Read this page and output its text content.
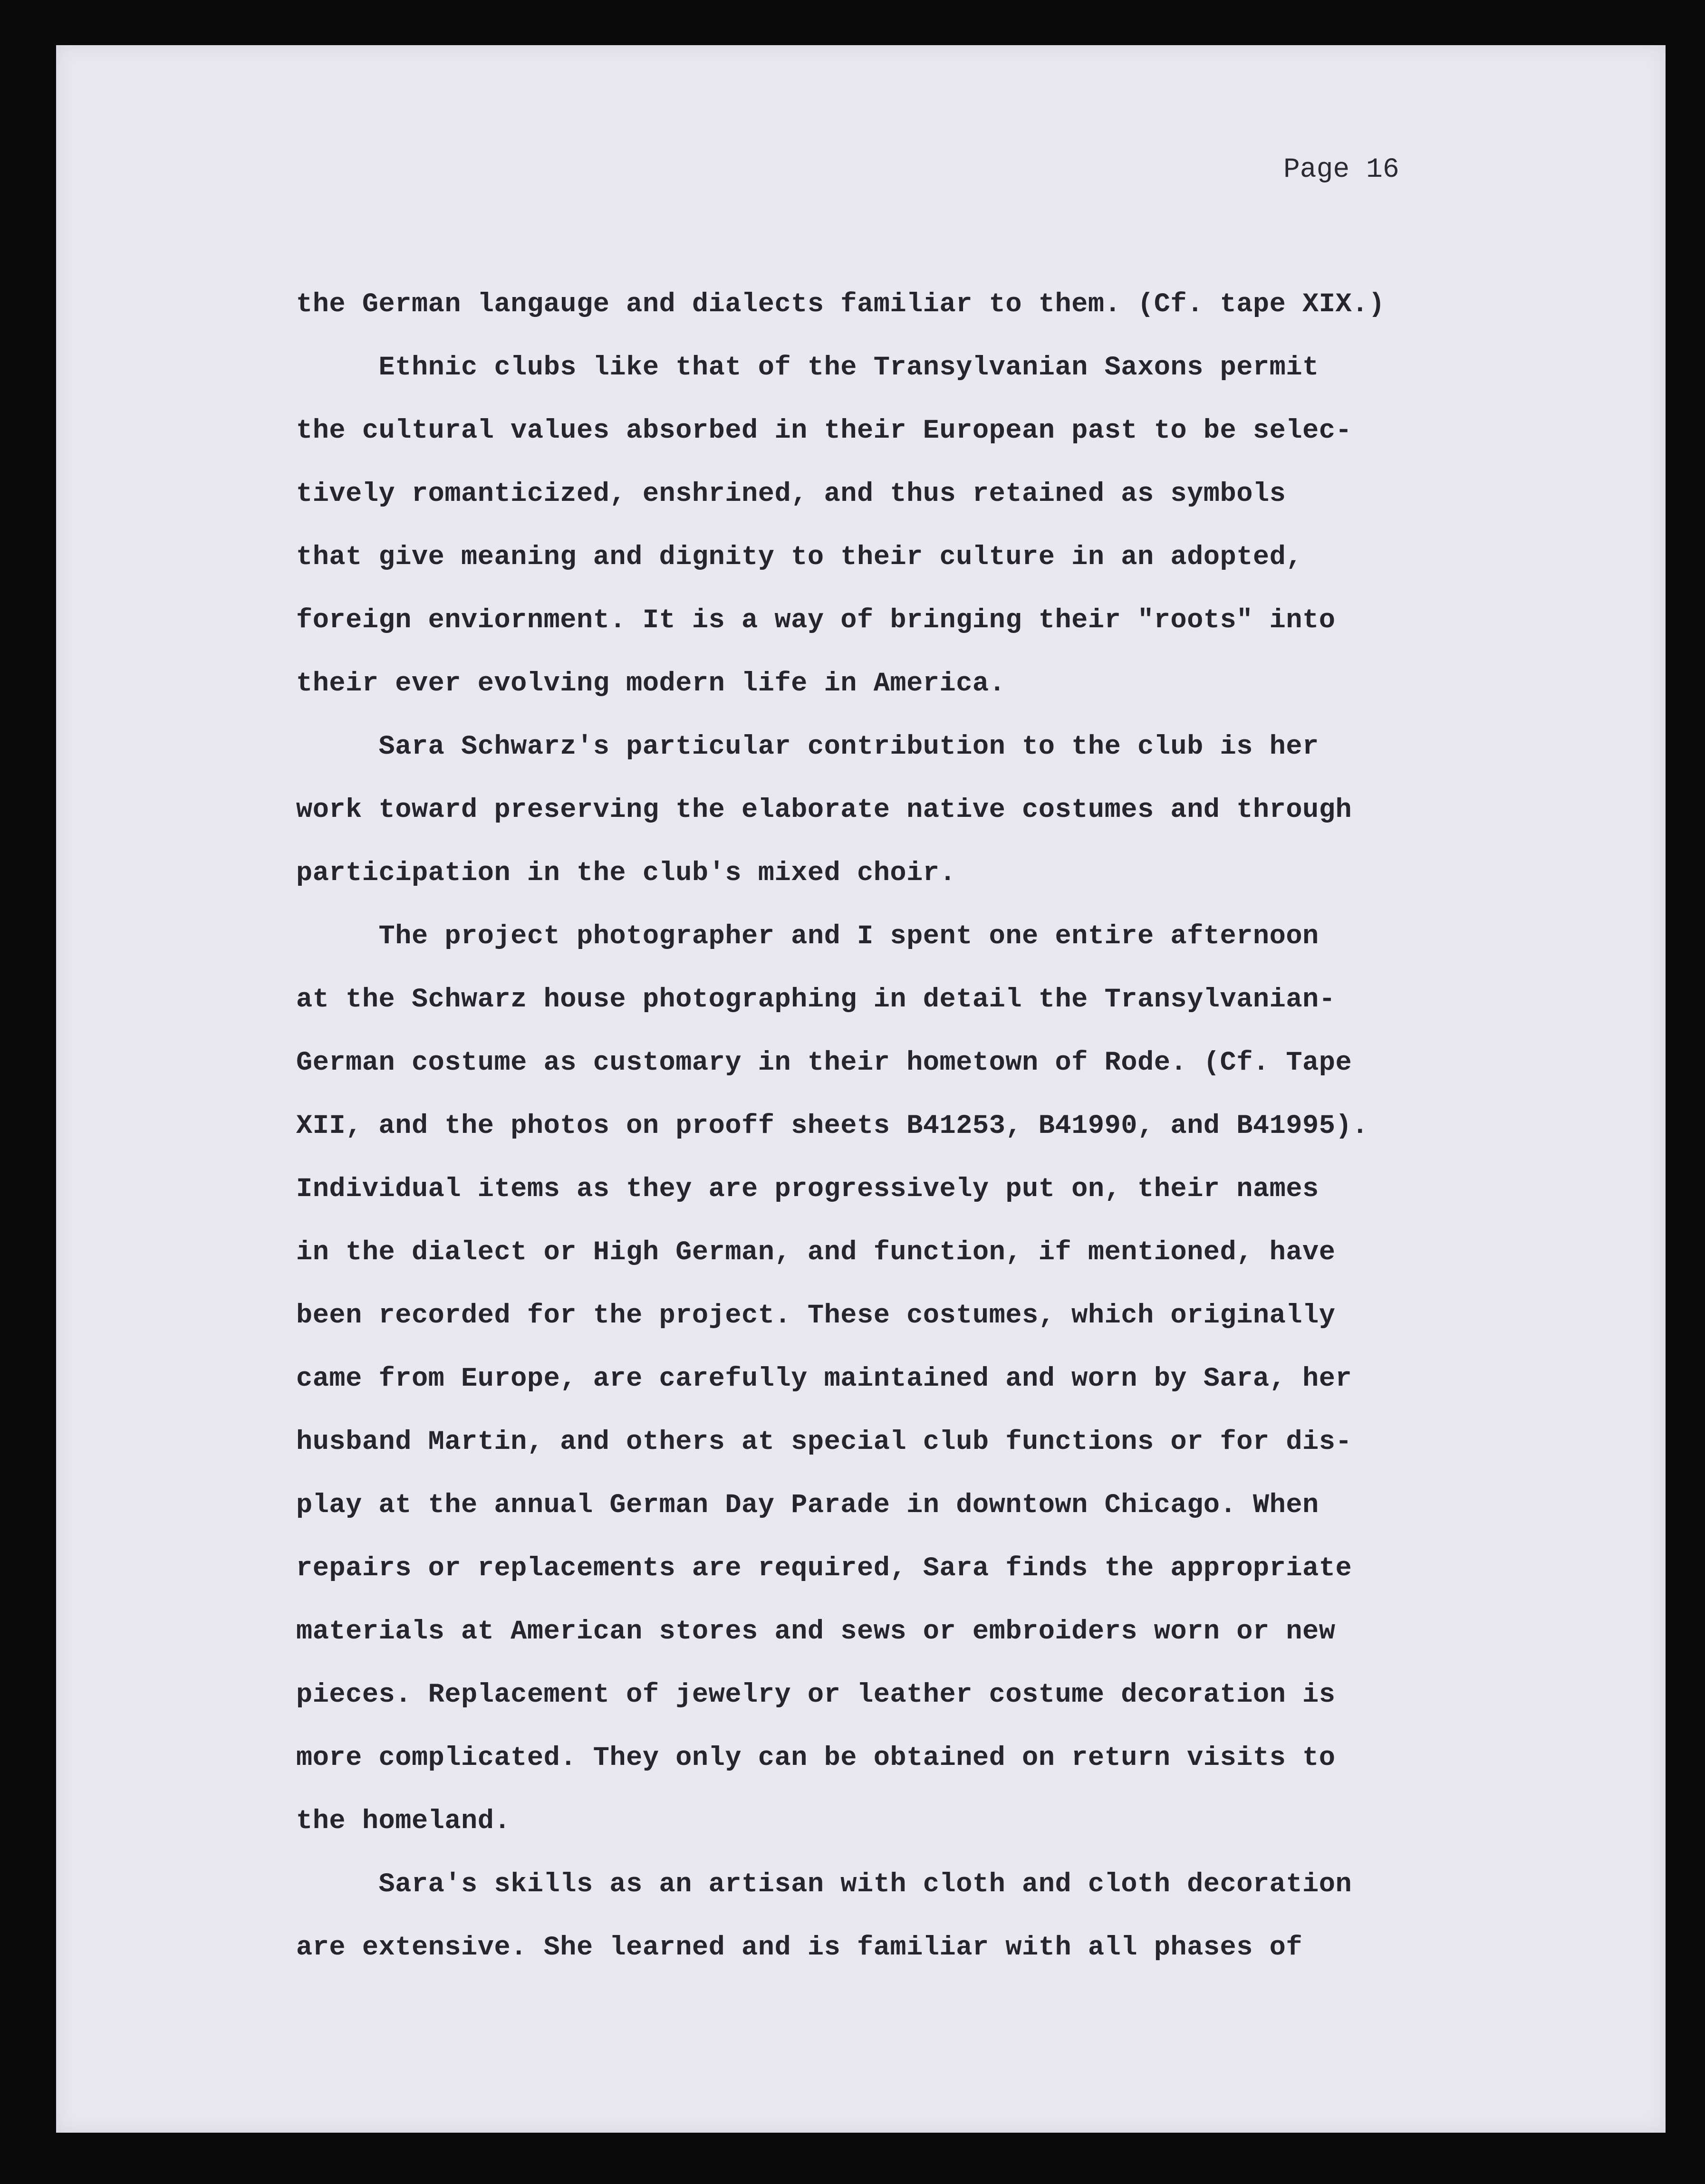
Page 16
the German langauge and dialects familiar to them. (Cf. tape XIX.)
Ethnic clubs like that of the Transylvanian Saxons permit
the cultural values absorbed in their European past to be selec-
tively romanticized, enshrined, and thus retained as symbols
that give meaning and dignity to their culture in an adopted,
foreign enviornment. It is a way of bringing their "roots" into
their ever evolving modern life in America.
Sara Schwarz's particular contribution to the club is her
work toward preserving the elaborate native costumes and through
participation in the club's mixed choir.
The project photographer and I spent one entire afternoon
at the Schwarz house photographing in detail the Transylvanian-
German costume as customary in their hometown of Rode. (Cf. Tape
XII, and the photos on prooff sheets B41253, B41990, and B41995).
Individual items as they are progressively put on, their names
in the dialect or High German, and function, if mentioned, have
been recorded for the project. These costumes, which originally
came from Europe, are carefully maintained and worn by Sara, her
husband Martin, and others at special club functions or for dis-
play at the annual German Day Parade in downtown Chicago. When
repairs or replacements are required, Sara finds the appropriate
materials at American stores and sews or embroiders worn or new
pieces. Replacement of jewelry or leather costume decoration is
more complicated. They only can be obtained on return visits to
the homeland.
Sara's skills as an artisan with cloth and cloth decoration
are extensive. She learned and is familiar with all phases of
